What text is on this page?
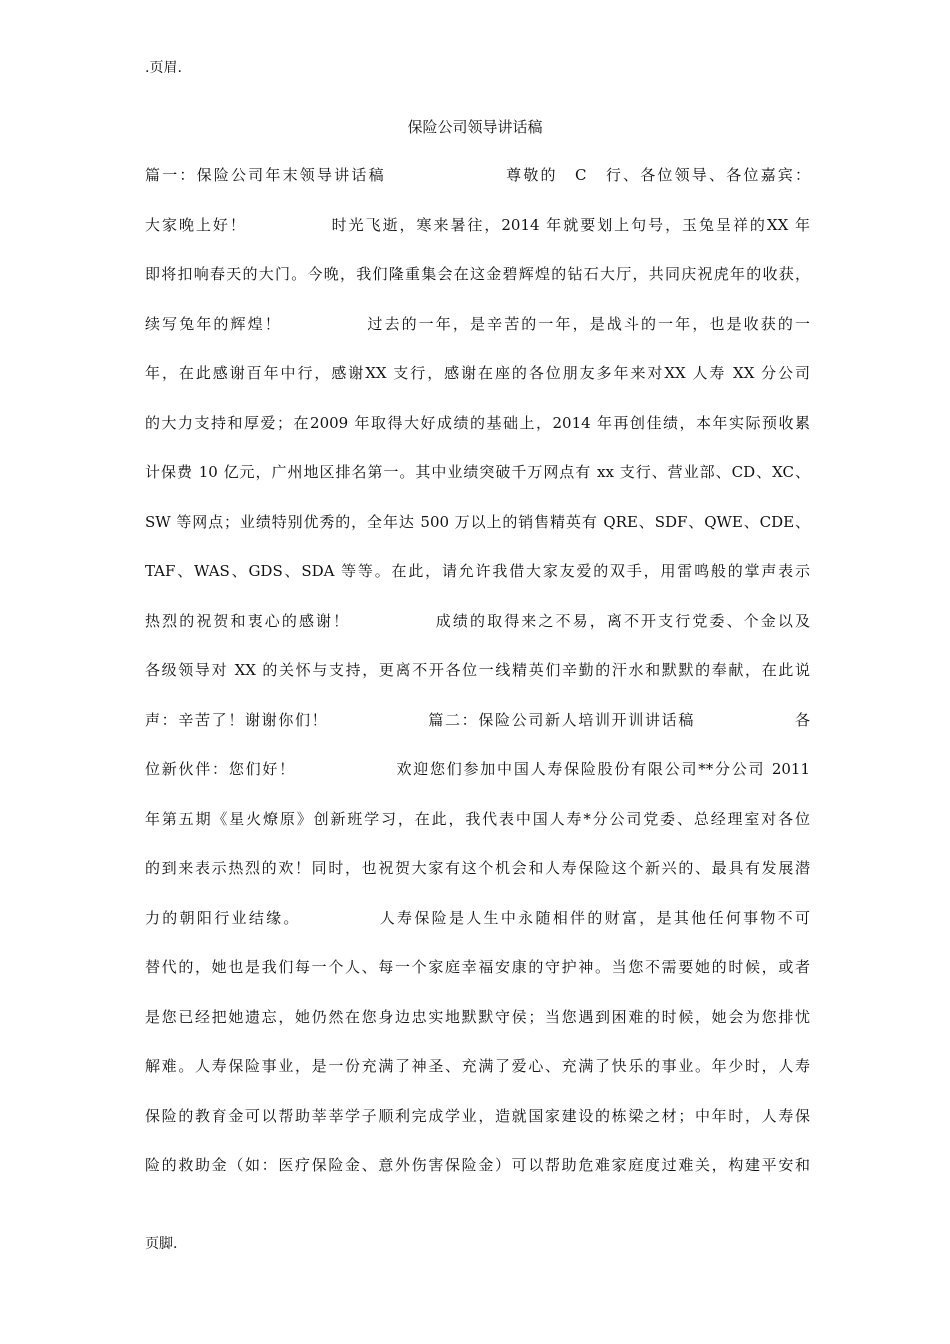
.页眉.
保险公司领导讲话稿
篇一：保险公司年末领导讲话稿　　　　　　　尊敬的　C　行、各位领导、各位嘉宾：
大家晚上好！　　　　　时光飞逝，寒来暑往，2014 年就要划上句号，玉兔呈祥的XX 年
即将扣响春天的大门。今晚，我们隆重集会在这金碧辉煌的钻石大厅，共同庆祝虎年的收获，
续写兔年的辉煌！　　　　　过去的一年，是辛苦的一年，是战斗的一年，也是收获的一
年，在此感谢百年中行，感谢XX 支行，感谢在座的各位朋友多年来对XX 人寿 XX 分公司
的大力支持和厚爱；在2009 年取得大好成绩的基础上，2014 年再创佳绩，本年实际预收累
计保费 10 亿元，广州地区排名第一。其中业绩突破千万网点有 xx 支行、营业部、CD、XC、
SW 等网点；业绩特别优秀的，全年达 500 万以上的销售精英有 QRE、SDF、QWE、CDE、
TAF、WAS、GDS、SDA 等等。在此，请允许我借大家友爱的双手，用雷鸣般的掌声表示
热烈的祝贺和衷心的感谢！　　　　　成绩的取得来之不易，离不开支行党委、个金以及
各级领导对 XX 的关怀与支持，更离不开各位一线精英们辛勤的汗水和默默的奉献，在此说
声：辛苦了！谢谢你们！　　　　　　篇二：保险公司新人培训开训讲话稿　　　　　　各
位新伙伴：您们好！　　　　　　欢迎您们参加中国人寿保险股份有限公司**分公司 2011
年第五期《星火燎原》创新班学习，在此，我代表中国人寿*分公司党委、总经理室对各位
的到来表示热烈的欢！同时，也祝贺大家有这个机会和人寿保险这个新兴的、最具有发展潜
力的朝阳行业结缘。　　　　　人寿保险是人生中永随相伴的财富，是其他任何事物不可
替代的，她也是我们每一个人、每一个家庭幸福安康的守护神。当您不需要她的时候，或者
是您已经把她遗忘，她仍然在您身边忠实地默默守侯；当您遇到困难的时候，她会为您排忧
解难。人寿保险事业，是一份充满了神圣、充满了爱心、充满了快乐的事业。年少时，人寿
保险的教育金可以帮助莘莘学子顺利完成学业，造就国家建设的栋梁之材；中年时，人寿保
险的救助金（如：医疗保险金、意外伤害保险金）可以帮助危难家庭度过难关，构建平安和
页脚.
